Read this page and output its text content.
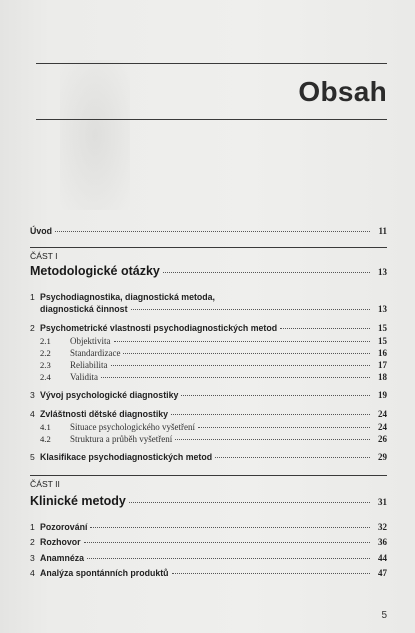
Obsah
Úvod	11
ČÁST I
Metodologické otázky	13
1 Psychodiagnostika, diagnostická metoda,
diagnostická činnost	13
2 Psychometrické vlastnosti psychodiagnostických metod	15
2.1	Objektivita	15
2.2	Standardizace	16
2.3	Reliabilita	17
2.4	Validita	18
3 Vývoj psychologické diagnostiky	19
4 Zvláštnosti dětské diagnostiky	24
4.1	Situace psychologického vyšetření	24
4.2	Struktura a průběh vyšetření	26
5 Klasifikace psychodiagnostických metod	29
ČÁST II
Klinické metody	31
1 Pozorování	32
2 Rozhovor	36
3 Anamnéza	44
4 Analýza spontánních produktů	47
5
